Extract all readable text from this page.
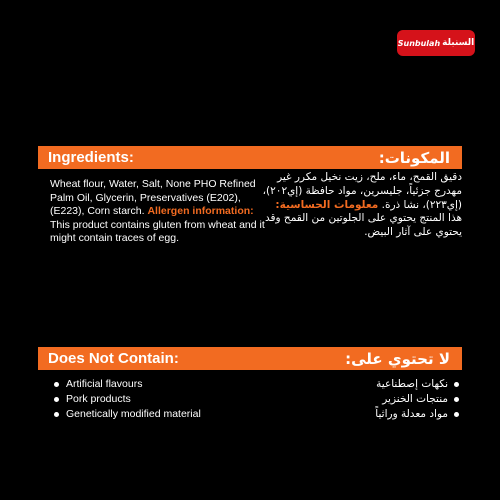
Sunbulah السنبلة
Ingredients:	المكونات:
Wheat flour, Water, Salt, None PHO Refined Palm Oil, Glycerin, Preservatives (E202), (E223), Corn starch. Allergen information: This product contains gluten from wheat and it might contain traces of egg.
دقيق القمح، ماء، ملح، زيت نخيل مكرر غير مهدرج جزئياً، جليسرين، مواد حافظة (إي٢٠٢)، (إي٢٢٣)، نشا ذرة. معلومات الحساسية: هذا المنتج يحتوي على الجلوتين من القمح وقد يحتوي على آثار البيض.
Does Not Contain:	لا تحتوي على:
Artificial flavours
Pork products
Genetically modified material
نكهات إصطناعية
منتجات الخنزير
مواد معدلة وراثياً
